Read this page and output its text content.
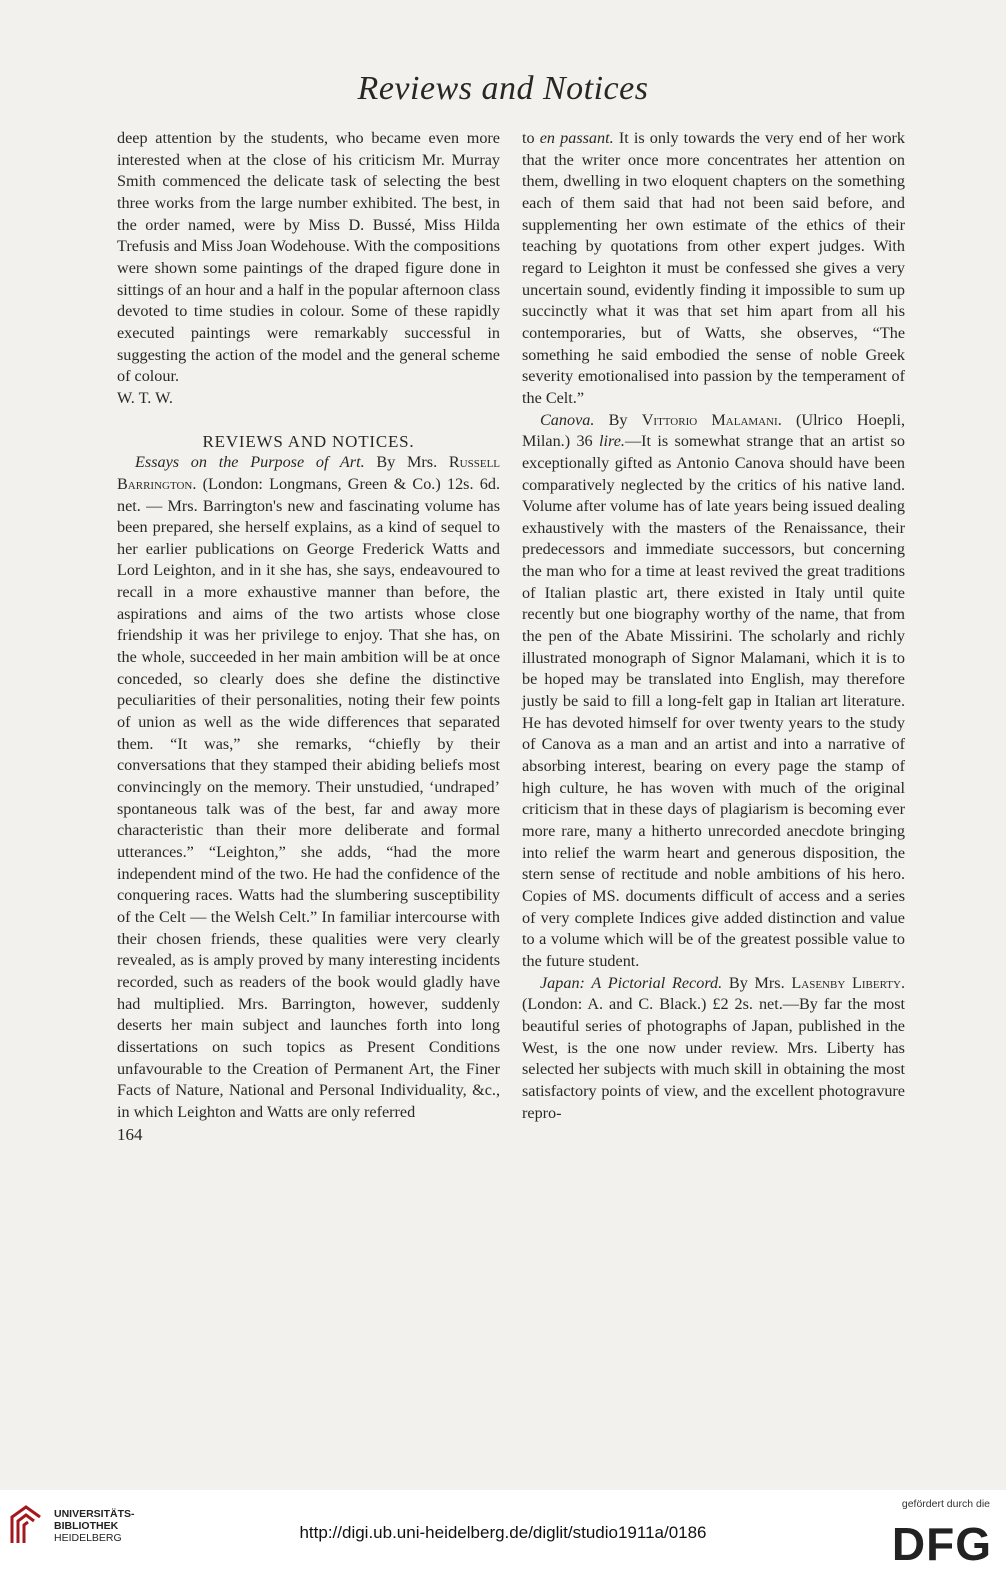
Reviews and Notices

deep attention by the students, who became even more interested when at the close of his criticism Mr. Murray Smith commenced the delicate task of selecting the best three works from the large number exhibited. The best, in the order named, were by Miss D. Bussé, Miss Hilda Trefusis and Miss Joan Wodehouse. With the compositions were shown some paintings of the draped figure done in sittings of an hour and a half in the popular afternoon class devoted to time studies in colour. Some of these rapidly executed paintings were remarkably successful in suggesting the action of the model and the general scheme of colour.

W. T. W.

REVIEWS AND NOTICES.

Essays on the Purpose of Art. By Mrs. Russell Barrington. (London: Longmans, Green & Co.) 12s. 6d. net. — Mrs. Barrington's new and fascinating volume has been prepared, she herself explains, as a kind of sequel to her earlier publications on George Frederick Watts and Lord Leighton, and in it she has, she says, endeavoured to recall in a more exhaustive manner than before, the aspirations and aims of the two artists whose close friendship it was her privilege to enjoy. That she has, on the whole, succeeded in her main ambition will be at once conceded, so clearly does she define the distinctive peculiarities of their personalities, noting their few points of union as well as the wide differences that separated them. “It was,” she remarks, “chiefly by their conversations that they stamped their abiding beliefs most convincingly on the memory. Their unstudied, ‘undraped’ spontaneous talk was of the best, far and away more characteristic than their more deliberate and formal utterances.” “Leighton,” she adds, “had the more independent mind of the two. He had the confidence of the conquering races. Watts had the slumbering susceptibility of the Celt — the Welsh Celt.” In familiar intercourse with their chosen friends, these qualities were very clearly revealed, as is amply proved by many interesting incidents recorded, such as readers of the book would gladly have had multiplied. Mrs. Barrington, however, suddenly deserts her main subject and launches forth into long dissertations on such topics as Present Conditions unfavourable to the Creation of Permanent Art, the Finer Facts of Nature, National and Personal Individuality, &c., in which Leighton and Watts are only referred

164

to en passant. It is only towards the very end of her work that the writer once more concentrates her attention on them, dwelling in two eloquent chapters on the something each of them said that had not been said before, and supplementing her own estimate of the ethics of their teaching by quotations from other expert judges. With regard to Leighton it must be confessed she gives a very uncertain sound, evidently finding it impossible to sum up succinctly what it was that set him apart from all his contemporaries, but of Watts, she observes, “The something he said embodied the sense of noble Greek severity emotionalised into passion by the temperament of the Celt.”

Canova. By Vittorio Malamani. (Ulrico Hoepli, Milan.) 36 lire.—It is somewhat strange that an artist so exceptionally gifted as Antonio Canova should have been comparatively neglected by the critics of his native land. Volume after volume has of late years being issued dealing exhaustively with the masters of the Renaissance, their predecessors and immediate successors, but concerning the man who for a time at least revived the great traditions of Italian plastic art, there existed in Italy until quite recently but one biography worthy of the name, that from the pen of the Abate Missirini. The scholarly and richly illustrated monograph of Signor Malamani, which it is to be hoped may be translated into English, may therefore justly be said to fill a long-felt gap in Italian art literature. He has devoted himself for over twenty years to the study of Canova as a man and an artist and into a narrative of absorbing interest, bearing on every page the stamp of high culture, he has woven with much of the original criticism that in these days of plagiarism is becoming ever more rare, many a hitherto unrecorded anecdote bringing into relief the warm heart and generous disposition, the stern sense of rectitude and noble ambitions of his hero. Copies of MS. documents difficult of access and a series of very complete Indices give added distinction and value to a volume which will be of the greatest possible value to the future student.

Japan: A Pictorial Record. By Mrs. Lasenby Liberty. (London: A. and C. Black.) £2 2s. net.—By far the most beautiful series of photographs of Japan, published in the West, is the one now under review. Mrs. Liberty has selected her subjects with much skill in obtaining the most satisfactory points of view, and the excellent photogravure repro-

UNIVERSITÄTS-
BIBLIOTHEK
HEIDELBERG	http://digi.ub.uni-heidelberg.de/diglit/studio1911a/0186
gefördert durch die
DFG
